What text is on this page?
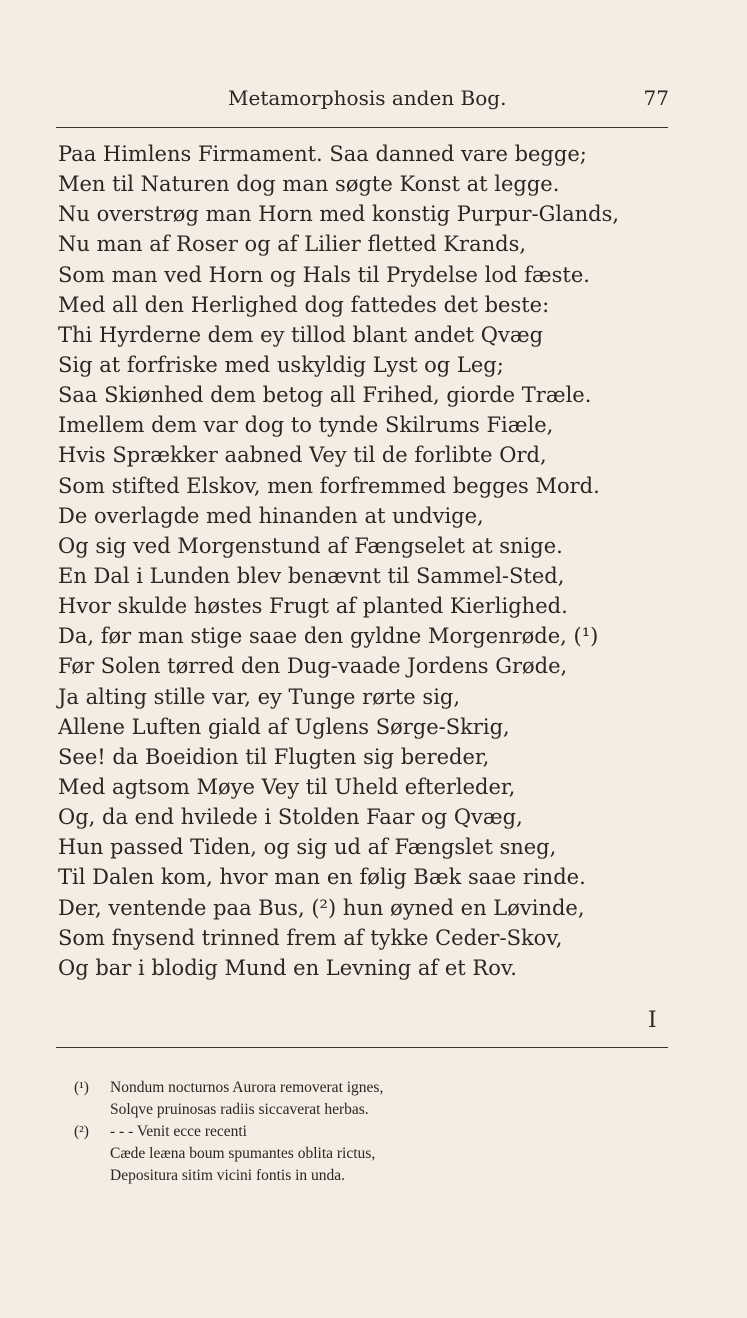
Metamorphosis anden Bog.	77
Paa Himlens Firmament. Saa danned vare begge;
Men til Naturen dog man søgte Konst at legge.
Nu overstrøg man Horn med konstig Purpur-Glands,
Nu man af Roser og af Lilier fletted Krands,
Som man ved Horn og Hals til Prydelse lod fæste.
Med all den Herlighed dog fattedes det beste:
Thi Hyrderne dem ey tillod blant andet Qvæg
Sig at forfriske med uskyldig Lyst og Leg;
Saa Skiønhed dem betog all Frihed, giorde Træle.
Imellem dem var dog to tynde Skilrums Fiæle,
Hvis Sprækker aabned Vey til de forlibte Ord,
Som stifted Elskov, men forfremmed begges Mord.
De overlagde med hinanden at undvige,
Og sig ved Morgenstund af Fængselet at snige.
En Dal i Lunden blev benævnt til Sammel-Sted,
Hvor skulde høstes Frugt af planted Kierlighed.
Da, før man stige saae den gyldne Morgenrøde, (¹)
Før Solen tørred den Dug-vaade Jordens Grøde,
Ja alting stille var, ey Tunge rørte sig,
Allene Luften giald af Uglens Sørge-Skrig,
See! da Boeidion til Flugten sig bereder,
Med agtsom Møye Vey til Uheld efterleder,
Og, da end hvilede i Stolden Faar og Qvæg,
Hun passed Tiden, og sig ud af Fængslet sneg,
Til Dalen kom, hvor man en følig Bæk saae rinde.
Der, ventende paa Bus, (²) hun øyned en Løvinde,
Som fnysend trinned frem af tykke Ceder-Skov,
Og bar i blodig Mund en Levning af et Rov.
I
(¹) Nondum nocturnos Aurora removerat ignes,
Solqve pruinosas radiis siccaverat herbas.
(²) - - - Venit ecce recenti
Cæde leæna boum spumantes oblita rictus,
Depositura sitim vicini fontis in unda.
